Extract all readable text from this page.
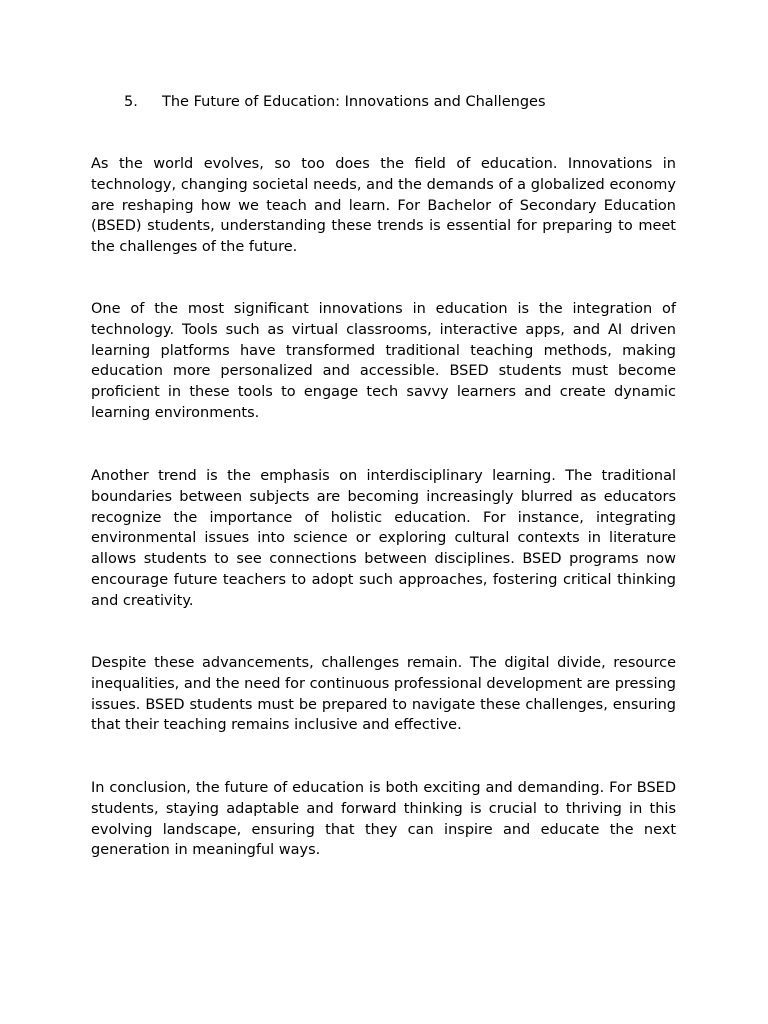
5. The Future of Education: Innovations and Challenges

As the world evolves, so too does the field of education. Innovations in technology, changing societal needs, and the demands of a globalized economy are reshaping how we teach and learn. For Bachelor of Secondary Education (BSED) students, understanding these trends is essential for preparing to meet the challenges of the future.

One of the most significant innovations in education is the integration of technology. Tools such as virtual classrooms, interactive apps, and AI driven learning platforms have transformed traditional teaching methods, making education more personalized and accessible. BSED students must become proficient in these tools to engage tech savvy learners and create dynamic learning environments.

Another trend is the emphasis on interdisciplinary learning. The traditional boundaries between subjects are becoming increasingly blurred as educators recognize the importance of holistic education. For instance, integrating environmental issues into science or exploring cultural contexts in literature allows students to see connections between disciplines. BSED programs now encourage future teachers to adopt such approaches, fostering critical thinking and creativity.

Despite these advancements, challenges remain. The digital divide, resource inequalities, and the need for continuous professional development are pressing issues. BSED students must be prepared to navigate these challenges, ensuring that their teaching remains inclusive and effective.

In conclusion, the future of education is both exciting and demanding. For BSED students, staying adaptable and forward thinking is crucial to thriving in this evolving landscape, ensuring that they can inspire and educate the next generation in meaningful ways.
